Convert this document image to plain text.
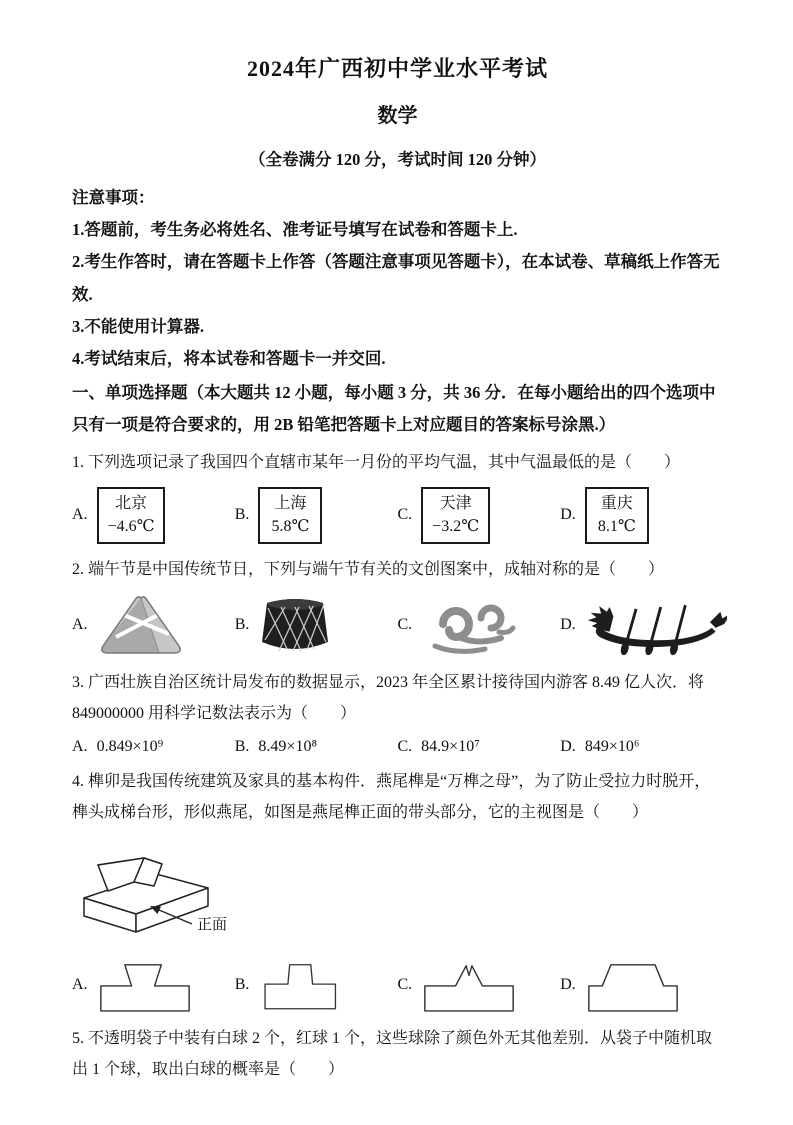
2024年广西初中学业水平考试
数学
（全卷满分 120 分，考试时间 120 分钟）

注意事项：

1.答题前，考生务必将姓名、准考证号填写在试卷和答题卡上.

2.考生作答时，请在答题卡上作答（答题注意事项见答题卡），在本试卷、草稿纸上作答无效.

3.不能使用计算器.

4.考试结束后，将本试卷和答题卡一并交回.

一、单项选择题（本大题共 12 小题，每小题 3 分，共 36 分．在每小题给出的四个选项中只有一项是符合要求的，用 2B 铅笔把答题卡上对应题目的答案标号涂黑.）

1. 下列选项记录了我国四个直辖市某年一月份的平均气温，其中气温最低的是（　　）

A.
北京
−4.6℃
B.
上海
5.8℃
C.
天津
−3.2℃
D.
重庆
8.1℃

2. 端午节是中国传统节日，下列与端午节有关的文创图案中，成轴对称的是（　　）

A.	B.	C.	D.

3. 广西壮族自治区统计局发布的数据显示，2023 年全区累计接待国内游客 8.49 亿人次．将 849000000 用科学记数法表示为（　　）

A. 0.849×10⁹	B. 8.49×10⁸	C. 84.9×10⁷	D. 849×10⁶

4. 榫卯是我国传统建筑及家具的基本构件．燕尾榫是“万榫之母”，为了防止受拉力时脱开，榫头成梯台形，形似燕尾，如图是燕尾榫正面的带头部分，它的主视图是（　　）

正面
A.	B.	C.	D.

5. 不透明袋子中装有白球 2 个，红球 1 个，这些球除了颜色外无其他差别．从袋子中随机取出 1 个球，取出白球的概率是（　　）
